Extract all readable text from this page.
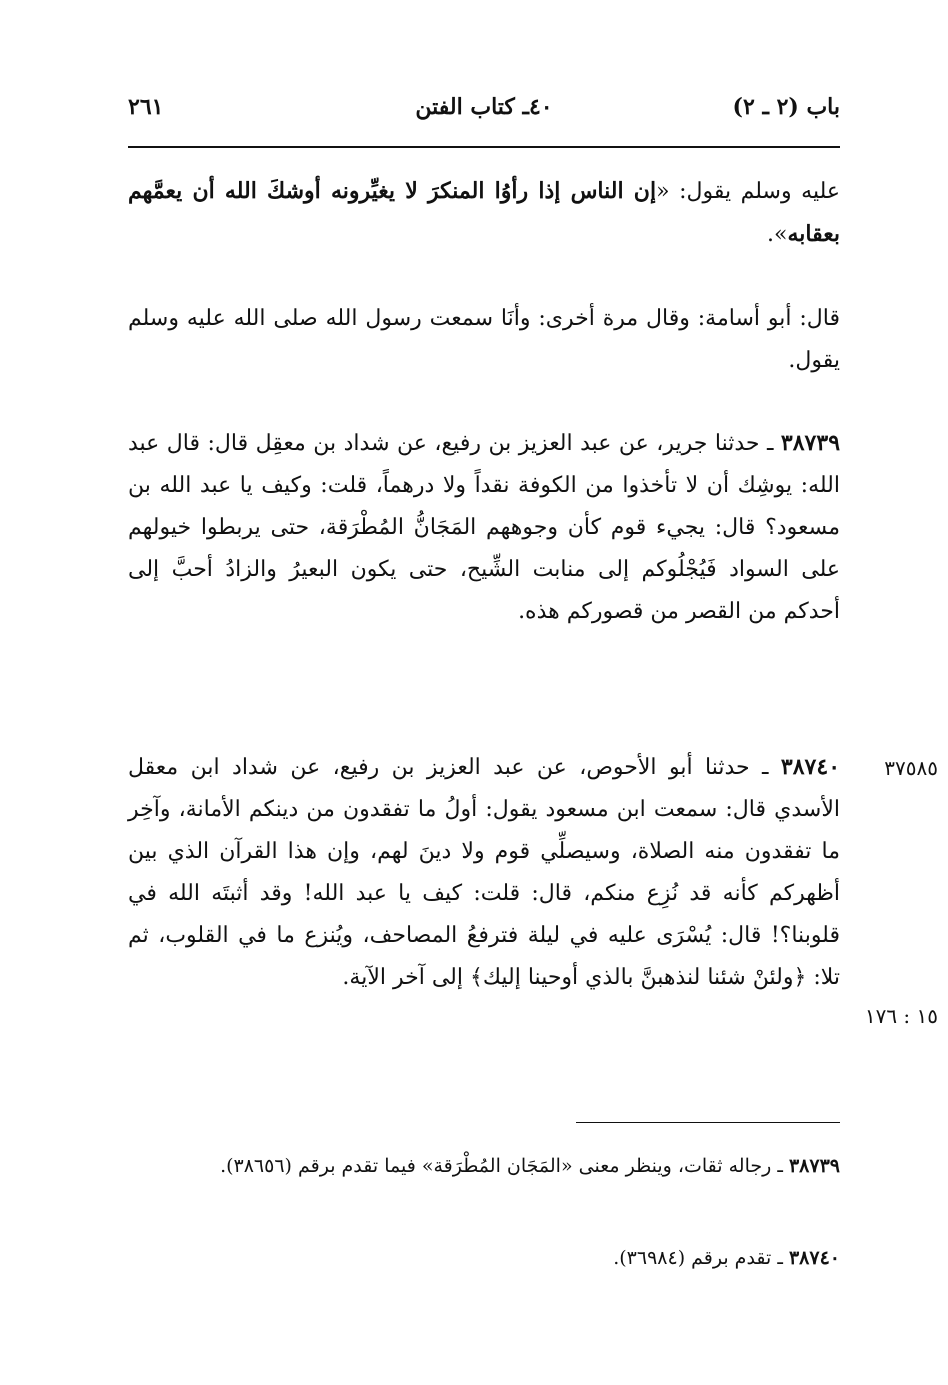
باب (٢ ـ ٢)
٤٠ـ كتاب الفتن
٢٦١

عليه وسلم يقول: «إن الناس إذا رأوُا المنكرَ لا يغيِّرونه أوشكَ الله أن يعمَّهم بعقابه».

قال: أبو أسامة: وقال مرة أخرى: وأنَا سمعت رسول الله صلى الله عليه وسلم يقول.

٣٨٧٣٩ ـ حدثنا جرير، عن عبد العزيز بن رفيع، عن شداد بن معقِل قال: قال عبد الله: يوشِك أن لا تأخذوا من الكوفة نقداً ولا درهماً، قلت: وكيف يا عبد الله بن مسعود؟ قال: يجيء قوم كأن وجوههم المَجَانُّ المُطْرَقة، حتى يربطوا خيولهم على السواد فَيُجْلُوكم إلى منابت الشِّيح، حتى يكون البعيرُ والزادُ أحبَّ إلى أحدكم من القصر من قصوركم هذه.

٣٨٧٤٠ ـ حدثنا أبو الأحوص، عن عبد العزيز بن رفيع، عن شداد ابن معقل الأسدي قال: سمعت ابن مسعود يقول: أولُ ما تفقدون من دينكم الأمانة، وآخِر ما تفقدون منه الصلاة، وسيصلِّي قوم ولا دينَ لهم، وإن هذا القرآن الذي بين أظهركم كأنه قد نُزِع منكم، قال: قلت: كيف يا عبد الله! وقد أثبتَه الله في قلوبنا؟! قال: يُسْرَى عليه في ليلة فترفعُ المصاحف، ويُنزع ما في القلوب، ثم تلا: ﴿ولئنْ شئنا لنذهبنَّ بالذي أوحينا إليك﴾ إلى آخر الآية.

٣٧٥٨٥
١٥ : ١٧٦

٣٨٧٣٩ ـ رجاله ثقات، وينظر معنى «المَجَان المُطْرَقة» فيما تقدم برقم (٣٨٦٥٦).

٣٨٧٤٠ ـ تقدم برقم (٣٦٩٨٤).
